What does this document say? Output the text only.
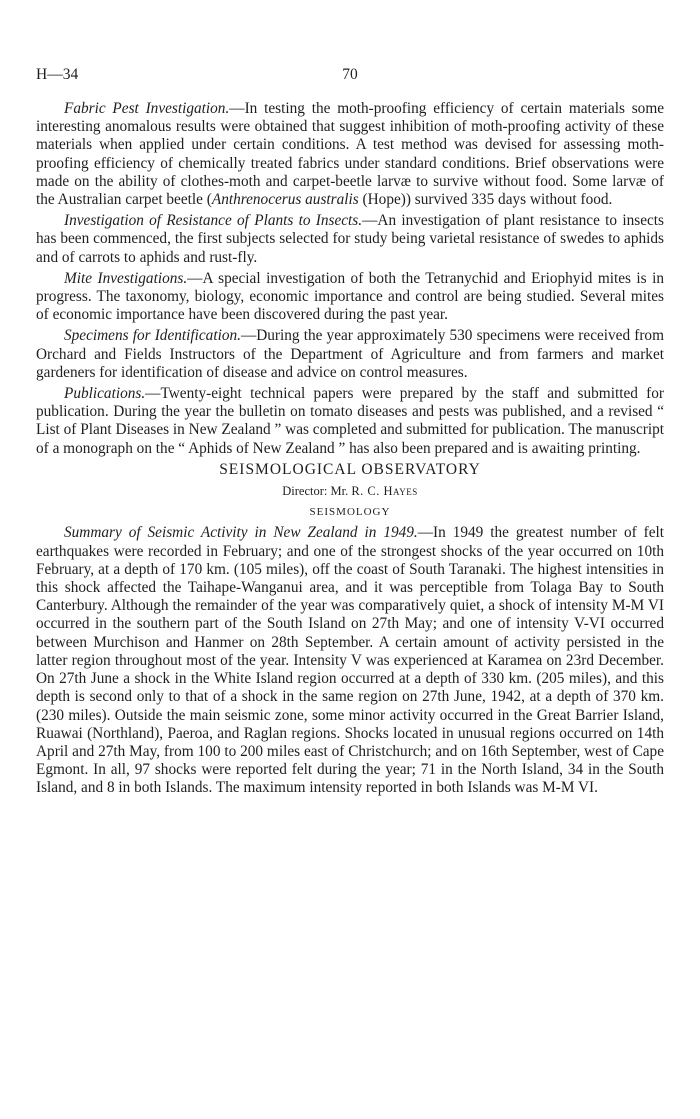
H—34	70

Fabric Pest Investigation.—In testing the moth-proofing efficiency of certain materials some interesting anomalous results were obtained that suggest inhibition of moth-proofing activity of these materials when applied under certain conditions. A test method was devised for assessing moth-proofing efficiency of chemically treated fabrics under standard conditions. Brief observations were made on the ability of clothes-moth and carpet-beetle larvæ to survive without food. Some larvæ of the Australian carpet beetle (Anthrenocerus australis (Hope)) survived 335 days without food.

Investigation of Resistance of Plants to Insects.—An investigation of plant resistance to insects has been commenced, the first subjects selected for study being varietal resistance of swedes to aphids and of carrots to aphids and rust-fly.

Mite Investigations.—A special investigation of both the Tetranychid and Eriophyid mites is in progress. The taxonomy, biology, economic importance and control are being studied. Several mites of economic importance have been discovered during the past year.

Specimens for Identification.—During the year approximately 530 specimens were received from Orchard and Fields Instructors of the Department of Agriculture and from farmers and market gardeners for identification of disease and advice on control measures.

Publications.—Twenty-eight technical papers were prepared by the staff and submitted for publication. During the year the bulletin on tomato diseases and pests was published, and a revised “ List of Plant Diseases in New Zealand ” was completed and submitted for publication. The manuscript of a monograph on the “ Aphids of New Zealand ” has also been prepared and is awaiting printing.

SEISMOLOGICAL OBSERVATORY

Director: Mr. R. C. Hayes

SEISMOLOGY

Summary of Seismic Activity in New Zealand in 1949.—In 1949 the greatest number of felt earthquakes were recorded in February; and one of the strongest shocks of the year occurred on 10th February, at a depth of 170 km. (105 miles), off the coast of South Taranaki. The highest intensities in this shock affected the Taihape-Wanganui area, and it was perceptible from Tolaga Bay to South Canterbury. Although the remainder of the year was comparatively quiet, a shock of intensity M-M VI occurred in the southern part of the South Island on 27th May; and one of intensity V-VI occurred between Murchison and Hanmer on 28th September. A certain amount of activity persisted in the latter region throughout most of the year. Intensity V was experienced at Karamea on 23rd December. On 27th June a shock in the White Island region occurred at a depth of 330 km. (205 miles), and this depth is second only to that of a shock in the same region on 27th June, 1942, at a depth of 370 km. (230 miles). Outside the main seismic zone, some minor activity occurred in the Great Barrier Island, Ruawai (Northland), Paeroa, and Raglan regions. Shocks located in unusual regions occurred on 14th April and 27th May, from 100 to 200 miles east of Christchurch; and on 16th September, west of Cape Egmont. In all, 97 shocks were reported felt during the year; 71 in the North Island, 34 in the South Island, and 8 in both Islands. The maximum intensity reported in both Islands was M-M VI.
